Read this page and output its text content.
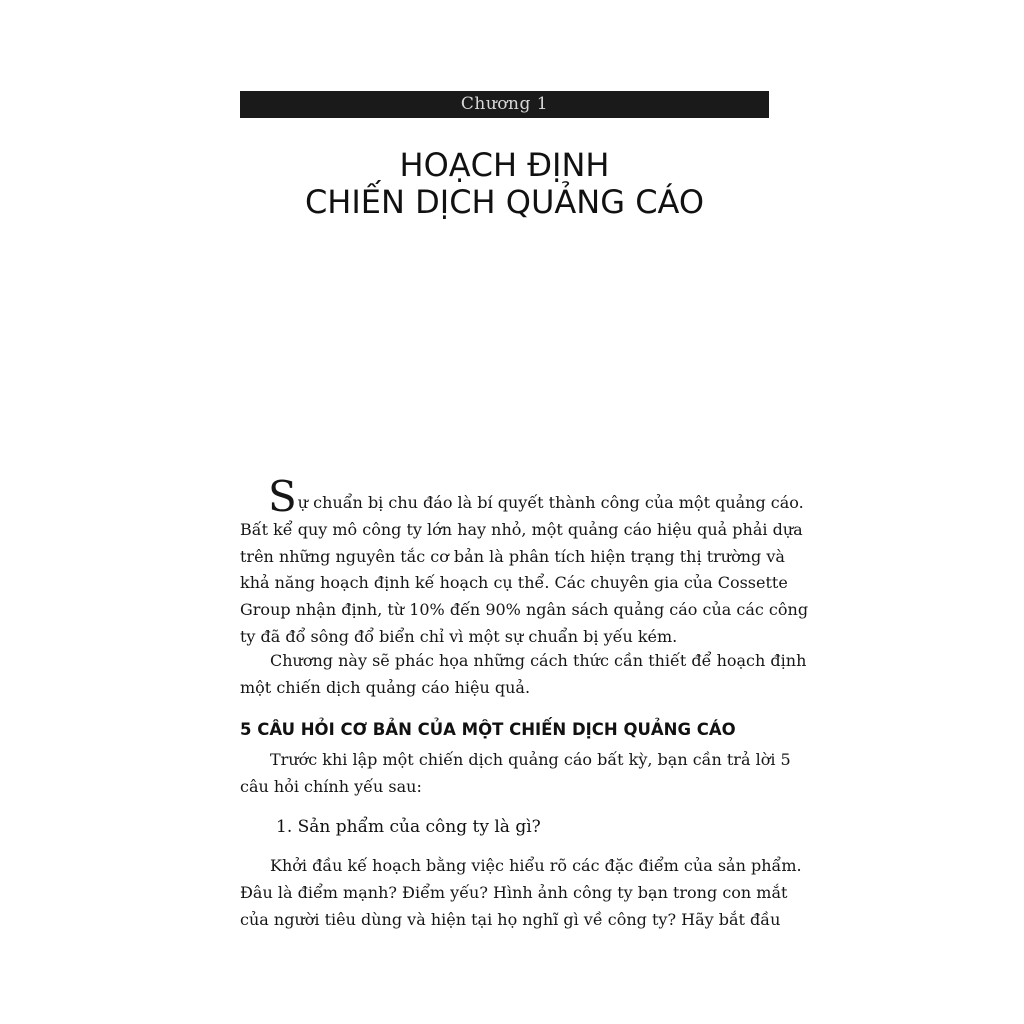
Chương 1
HOẠCH ĐỊNH
CHIẾN DỊCH QUẢNG CÁO

Sự chuẩn bị chu đáo là bí quyết thành công của một quảng cáo.
Bất kể quy mô công ty lớn hay nhỏ, một quảng cáo hiệu quả phải dựa
trên những nguyên tắc cơ bản là phân tích hiện trạng thị trường và
khả năng hoạch định kế hoạch cụ thể. Các chuyên gia của Cossette
Group nhận định, từ 10% đến 90% ngân sách quảng cáo của các công
ty đã đổ sông đổ biển chỉ vì một sự chuẩn bị yếu kém.

Chương này sẽ phác họa những cách thức cần thiết để hoạch định
một chiến dịch quảng cáo hiệu quả.

5 CÂU HỎI CƠ BẢN CỦA MỘT CHIẾN DỊCH QUẢNG CÁO

Trước khi lập một chiến dịch quảng cáo bất kỳ, bạn cần trả lời 5
câu hỏi chính yếu sau:

1. Sản phẩm của công ty là gì?

Khởi đầu kế hoạch bằng việc hiểu rõ các đặc điểm của sản phẩm.
Đâu là điểm mạnh? Điểm yếu? Hình ảnh công ty bạn trong con mắt
của người tiêu dùng và hiện tại họ nghĩ gì về công ty? Hãy bắt đầu
